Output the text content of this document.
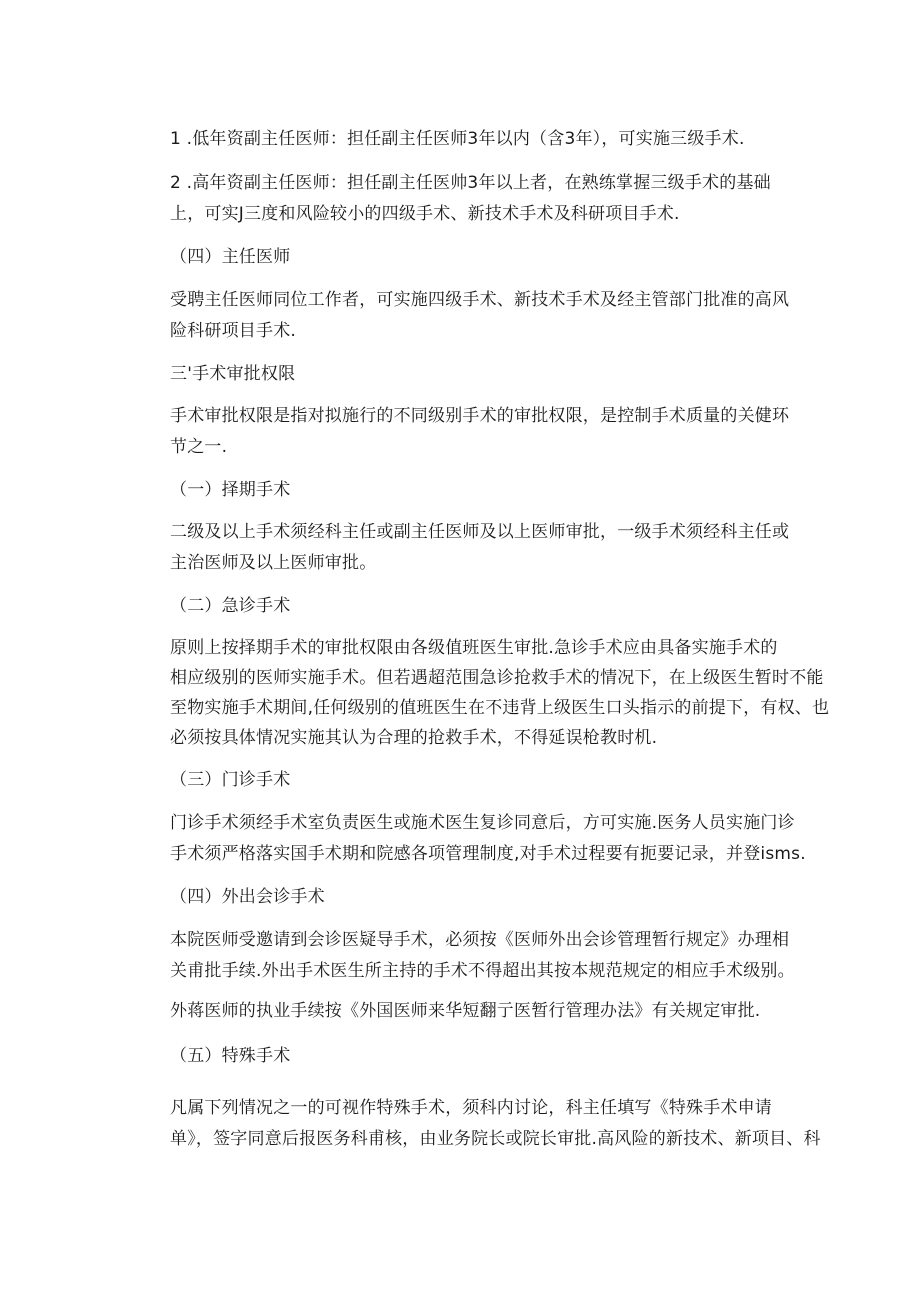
1 .低年资副主任医师：担任副主任医师3年以内（含3年），可实施三级手术.
2 .高年资副主任医师：担任副主任医帅3年以上者，在熟练掌握三级手术的基础
上，可实J三度和风险较小的四级手术、新技术手术及科研项目手术.
（四）主任医师
受聘主任医师同位工作者，可实施四级手术、新技术手术及经主管部门批准的高风
险科研项目手术.
三'手术审批权限
手术审批权限是指对拟施行的不同级别手术的审批权限，是控制手术质量的关健环
节之一.
（一）择期手术
二级及以上手术须经科主任或副主任医师及以上医师审批，一级手术须经科主任或
主治医师及以上医师审批。
（二）急诊手术
原则上按择期手术的审批权限由各级值班医生审批.急诊手术应由具备实施手术的
相应级别的医师实施手术。但若遇超范围急诊抢救手术的情况下，在上级医生暂时不能
至物实施手术期间,任何级别的值班医生在不违背上级医生口头指示的前提下，有权、也
必须按具体情况实施其认为合理的抢救手术，不得延误枪教时机.
（三）门诊手术
门诊手术须经手术室负责医生或施术医生复诊同意后，方可实施.医务人员实施门诊
手术须严格落实国手术期和院感各项管理制度,对手术过程要有扼要记录，并登isms.
（四）外出会诊手术
本院医师受邀请到会诊医疑导手术，必须按《医师外出会诊管理暂行规定》办理相
关甫批手续.外出手术医生所主持的手术不得超出其按本规范规定的相应手术级别。
外蒋医师的执业手续按《外国医师来华短翻亍医暂行管理办法》有关规定审批.
（五）特殊手术
凡属下列情况之一的可视作特殊手术，须科内讨论，科主任填写《特殊手术申请
单》，签字同意后报医务科甫核，由业务院长或院长审批.高风险的新技术、新项目、科
